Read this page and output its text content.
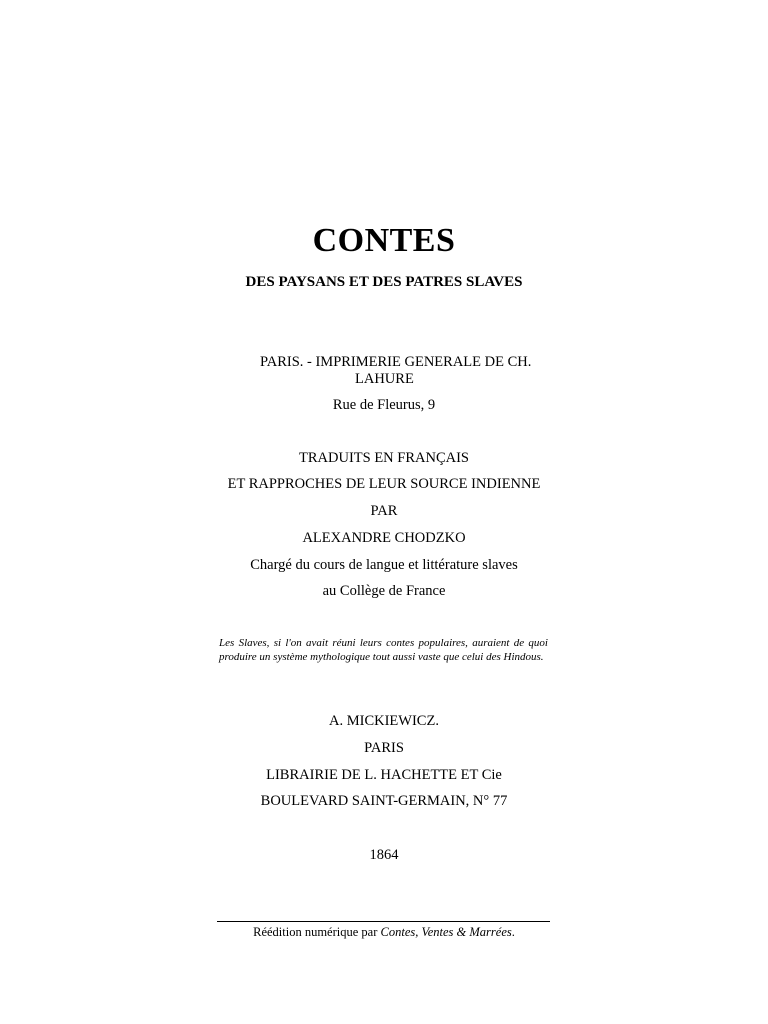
CONTES
DES PAYSANS ET DES PATRES SLAVES
PARIS. - IMPRIMERIE GENERALE DE CH.
LAHURE
Rue de Fleurus, 9
TRADUITS EN FRANÇAIS
ET RAPPROCHES DE LEUR SOURCE INDIENNE
PAR
ALEXANDRE CHODZKO
Chargé du cours de langue et littérature slaves
au Collège de France
Les Slaves, si l'on avait réuni leurs contes populaires, auraient de quoi produire un système mythologique tout aussi vaste que celui des Hindous.
A. MICKIEWICZ.
PARIS
LIBRAIRIE DE L. HACHETTE ET Cie
BOULEVARD SAINT-GERMAIN, N° 77
1864
Réédition numérique par Contes, Ventes & Marrées.
